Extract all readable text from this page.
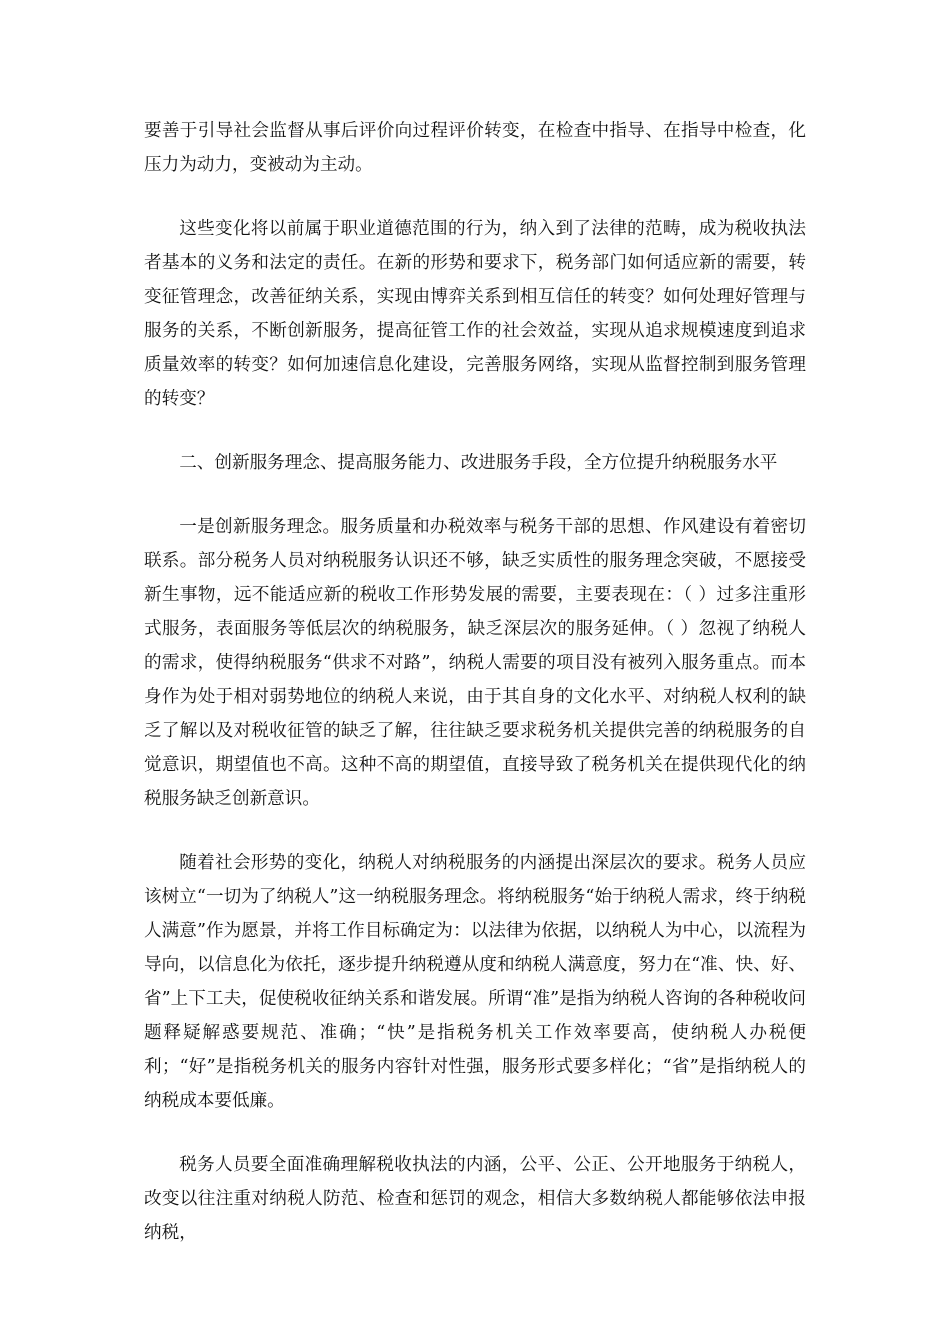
要善于引导社会监督从事后评价向过程评价转变，在检查中指导、在指导中检查，化压力为动力，变被动为主动。

这些变化将以前属于职业道德范围的行为，纳入到了法律的范畴，成为税收执法者基本的义务和法定的责任。在新的形势和要求下，税务部门如何适应新的需要，转变征管理念，改善征纳关系，实现由博弈关系到相互信任的转变？如何处理好管理与服务的关系，不断创新服务，提高征管工作的社会效益，实现从追求规模速度到追求质量效率的转变？如何加速信息化建设，完善服务网络，实现从监督控制到服务管理的转变？

二、创新服务理念、提高服务能力、改进服务手段，全方位提升纳税服务水平

一是创新服务理念。服务质量和办税效率与税务干部的思想、作风建设有着密切联系。部分税务人员对纳税服务认识还不够，缺乏实质性的服务理念突破，不愿接受新生事物，远不能适应新的税收工作形势发展的需要，主要表现在：（ ）过多注重形式服务，表面服务等低层次的纳税服务，缺乏深层次的服务延伸。（ ）忽视了纳税人的需求，使得纳税服务“供求不对路”，纳税人需要的项目没有被列入服务重点。而本身作为处于相对弱势地位的纳税人来说，由于其自身的文化水平、对纳税人权利的缺乏了解以及对税收征管的缺乏了解，往往缺乏要求税务机关提供完善的纳税服务的自觉意识，期望值也不高。这种不高的期望值，直接导致了税务机关在提供现代化的纳税服务缺乏创新意识。

随着社会形势的变化，纳税人对纳税服务的内涵提出深层次的要求。税务人员应该树立“一切为了纳税人”这一纳税服务理念。将纳税服务“始于纳税人需求，终于纳税人满意”作为愿景，并将工作目标确定为：以法律为依据，以纳税人为中心，以流程为导向，以信息化为依托，逐步提升纳税遵从度和纳税人满意度，努力在“准、快、好、省”上下工夫，促使税收征纳关系和谐发展。所谓“准”是指为纳税人咨询的各种税收问题释疑解惑要规范、准确；“快”是指税务机关工作效率要高，使纳税人办税便利；“好”是指税务机关的服务内容针对性强，服务形式要多样化；“省”是指纳税人的纳税成本要低廉。

税务人员要全面准确理解税收执法的内涵，公平、公正、公开地服务于纳税人，改变以往注重对纳税人防范、检查和惩罚的观念，相信大多数纳税人都能够依法申报纳税，
